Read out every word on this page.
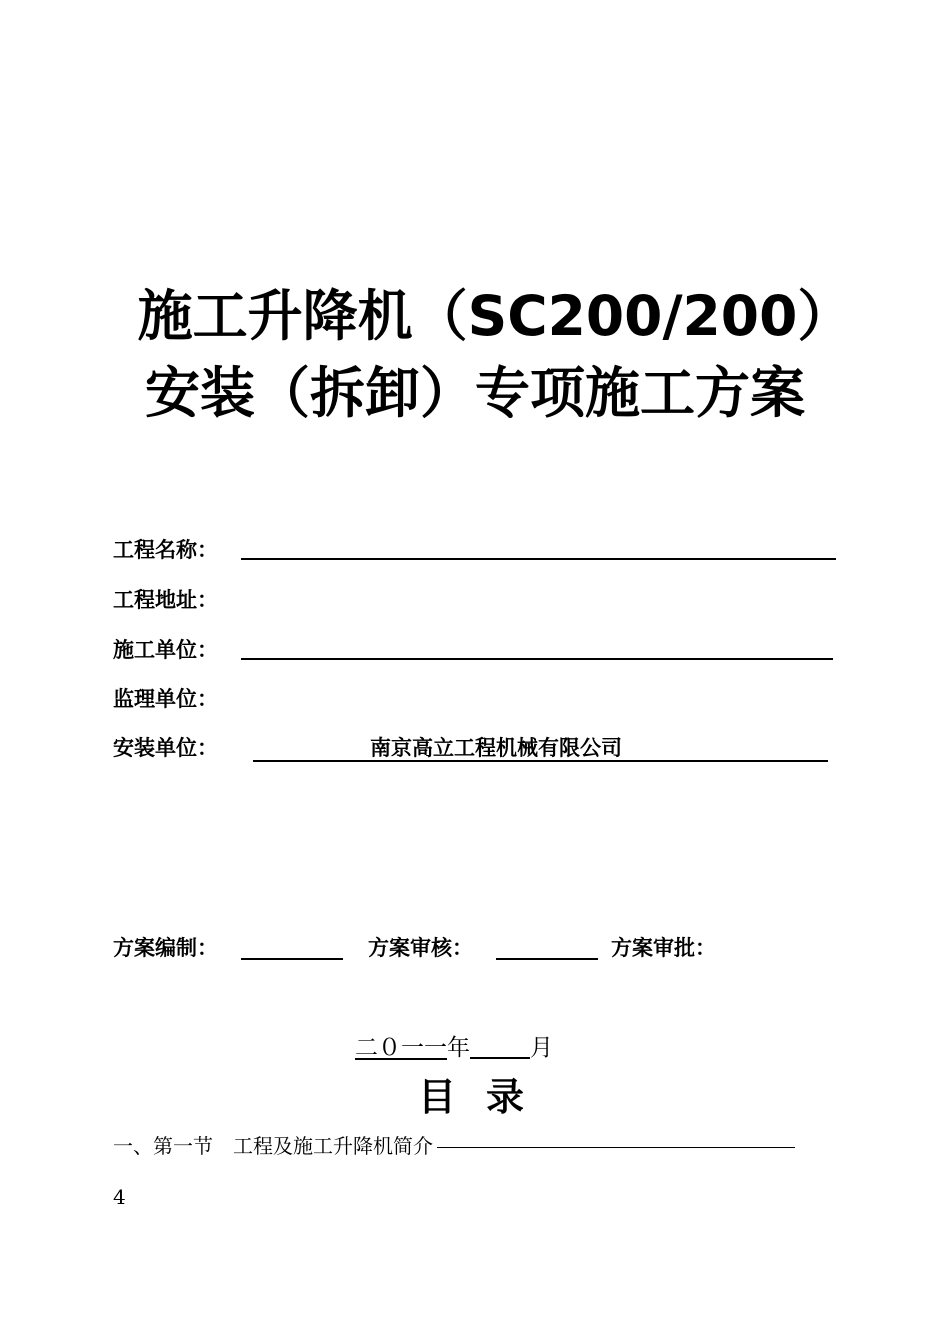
施工升降机（SC200/200）
安装（拆卸）专项施工方案
工程名称：
工程地址：
施工单位：
监理单位：
安装单位：	南京高立工程机械有限公司
方案编制：	方案审核：	方案审批：
二０一一年	月
目录
一、第一节　工程及施工升降机简介
4
